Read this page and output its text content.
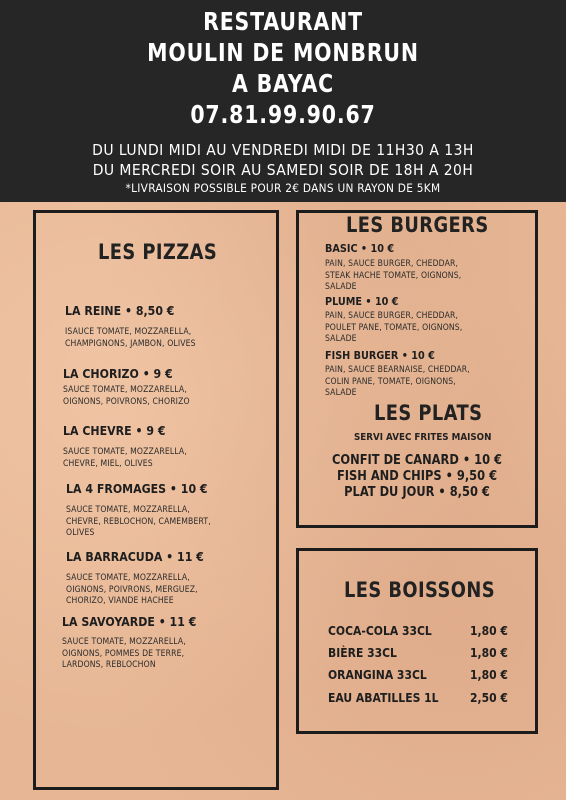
RESTAURANT
MOULIN DE MONBRUN
A BAYAC
07.81.99.90.67
DU LUNDI MIDI AU VENDREDI MIDI DE 11H30 A 13H
DU MERCREDI SOIR AU SAMEDI SOIR DE 18H A 20H
*LIVRAISON POSSIBLE POUR 2€ DANS UN RAYON DE 5KM
LES PIZZAS
LA REINE • 8,50 €
ISAUCE TOMATE, MOZZARELLA,
CHAMPIGNONS, JAMBON, OLIVES
LA CHORIZO • 9 €
SAUCE TOMATE, MOZZARELLA,
OIGNONS, POIVRONS, CHORIZO
LA CHEVRE • 9 €
SAUCE TOMATE, MOZZARELLA,
CHEVRE, MIEL, OLIVES
LA 4 FROMAGES • 10 €
SAUCE TOMATE, MOZZARELLA,
CHEVRE, REBLOCHON, CAMEMBERT,
OLIVES
LA BARRACUDA • 11 €
SAUCE TOMATE, MOZZARELLA,
OIGNONS, POIVRONS, MERGUEZ,
CHORIZO, VIANDE HACHEE
LA SAVOYARDE • 11 €
SAUCE TOMATE, MOZZARELLA,
OIGNONS, POMMES DE TERRE,
LARDONS, REBLOCHON
LES BURGERS
BASIC • 10 €
PAIN, SAUCE BURGER, CHEDDAR,
STEAK HACHE TOMATE, OIGNONS,
SALADE
PLUME • 10 €
PAIN, SAUCE BURGER, CHEDDAR,
POULET PANE, TOMATE, OIGNONS,
SALADE
FISH BURGER • 10 €
PAIN, SAUCE BEARNAISE, CHEDDAR,
COLIN PANE, TOMATE, OIGNONS,
SALADE
LES PLATS
SERVI AVEC FRITES MAISON
CONFIT DE CANARD • 10 €
FISH AND CHIPS • 9,50 €
PLAT DU JOUR • 8,50 €
LES BOISSONS
COCA-COLA 33CL	1,80 €
BIÈRE 33CL	1,80 €
ORANGINA 33CL	1,80 €
EAU ABATILLES 1L	2,50 €
